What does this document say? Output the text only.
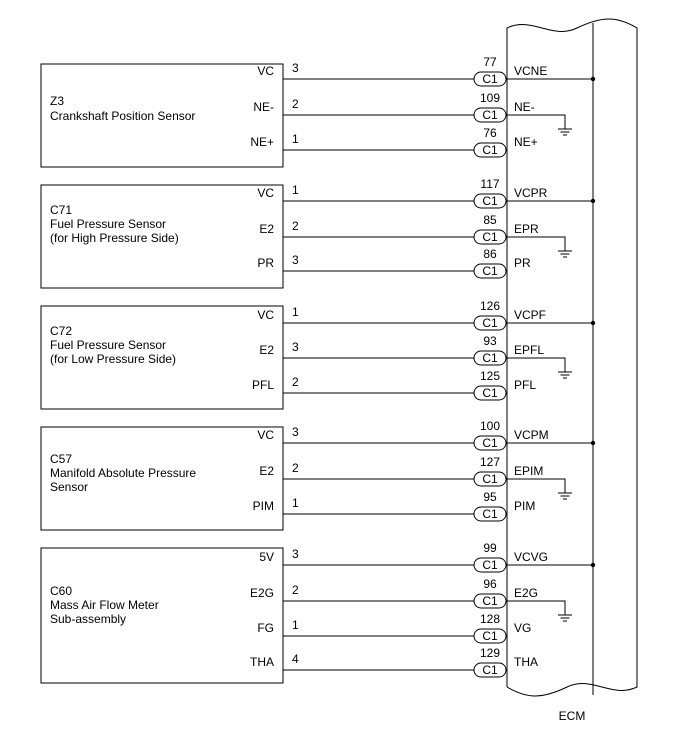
Z3
Crankshaft Position Sensor
VC 3	77
C1
VCNE
NE- 2	109
C1
NE-
NE+ 1	76
C1
NE+
C71
Fuel Pressure Sensor
(for High Pressure Side)
VC 1	117
C1
VCPR
E2 2	85
C1
EPR
PR 3	86
C1
PR
C72
Fuel Pressure Sensor
(for Low Pressure Side)
VC 1	126
C1
VCPF
E2 3	93
C1
EPFL
PFL 2	125
C1
PFL
C57
Manifold Absolute Pressure
Sensor
VC 3	100
C1
VCPM
E2 2	127
C1
EPIM
PIM 1	95
C1
PIM
C60
Mass Air Flow Meter
Sub-assembly
5V 3	99
C1
VCVG
E2G 2	96
C1
E2G
FG 1	128
C1
VG
THA 4	129
C1
THA
ECM
